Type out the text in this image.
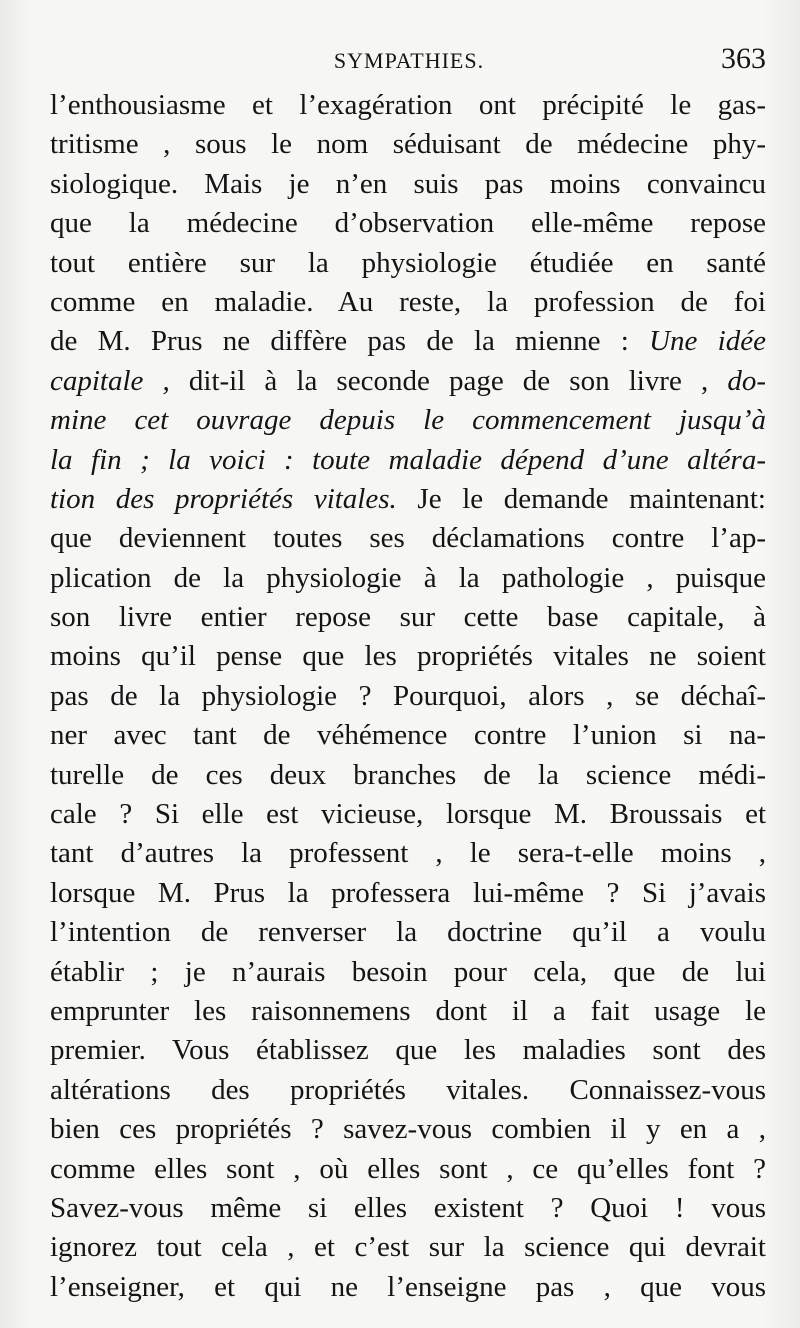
SYMPATHIES.	363
l’enthousiasme et l’exagération ont précipité le gas-
tritisme , sous le nom séduisant de médecine phy-
siologique. Mais je n’en suis pas moins convaincu
que la médecine d’observation elle-même repose
tout entière sur la physiologie étudiée en santé
comme en maladie. Au reste, la profession de foi
de M. Prus ne diffère pas de la mienne : Une idée
capitale , dit-il à la seconde page de son livre , do-
mine cet ouvrage depuis le commencement jusqu’à
la fin ; la voici : toute maladie dépend d’une altéra-
tion des propriétés vitales. Je le demande maintenant:
que deviennent toutes ses déclamations contre l’ap-
plication de la physiologie à la pathologie , puisque
son livre entier repose sur cette base capitale, à
moins qu’il pense que les propriétés vitales ne soient
pas de la physiologie ? Pourquoi, alors , se déchaî-
ner avec tant de véhémence contre l’union si na-
turelle de ces deux branches de la science médi-
cale ? Si elle est vicieuse, lorsque M. Broussais et
tant d’autres la professent , le sera-t-elle moins ,
lorsque M. Prus la professera lui-même ? Si j’avais
l’intention de renverser la doctrine qu’il a voulu
établir ; je n’aurais besoin pour cela, que de lui
emprunter les raisonnemens dont il a fait usage le
premier. Vous établissez que les maladies sont des
altérations des propriétés vitales. Connaissez-vous
bien ces propriétés ? savez-vous combien il y en a ,
comme elles sont , où elles sont , ce qu’elles font ?
Savez-vous même si elles existent ? Quoi ! vous
ignorez tout cela , et c’est sur la science qui devrait
l’enseigner, et qui ne l’enseigne pas , que vous
